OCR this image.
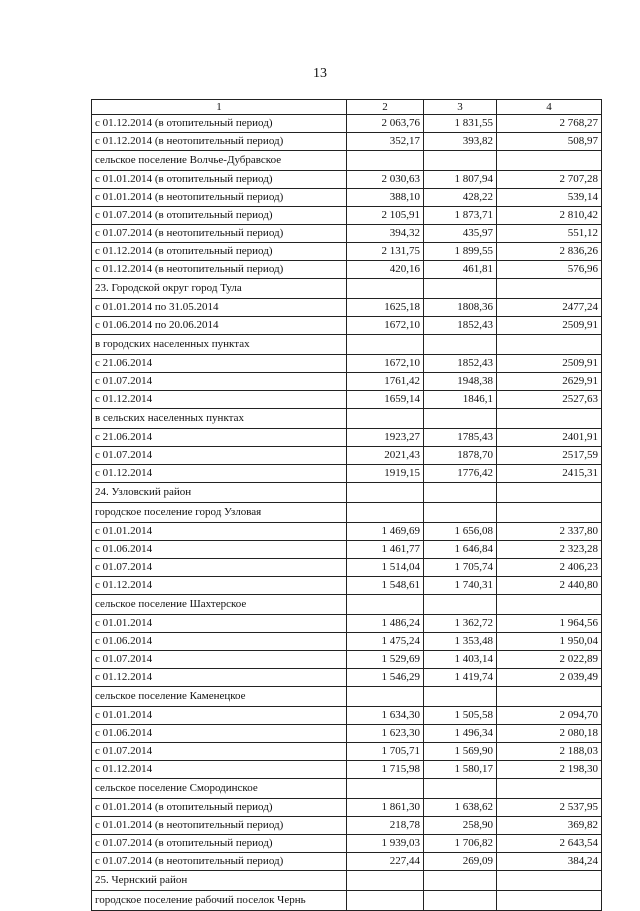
13
1	2	3	4
с 01.12.2014 (в отопительный период)	2 063,76	1 831,55	2 768,27
с 01.12.2014 (в неотопительный период)	352,17	393,82	508,97
сельское поселение Волчье-Дубравское			
с 01.01.2014 (в отопительный период)	2 030,63	1 807,94	2 707,28
с 01.01.2014 (в неотопительный период)	388,10	428,22	539,14
с 01.07.2014 (в отопительный период)	2 105,91	1 873,71	2 810,42
с 01.07.2014 (в неотопительный период)	394,32	435,97	551,12
с 01.12.2014 (в отопительный период)	2 131,75	1 899,55	2 836,26
с 01.12.2014 (в неотопительный период)	420,16	461,81	576,96
23. Городской округ город Тула			
с 01.01.2014 по 31.05.2014	1625,18	1808,36	2477,24
с 01.06.2014 по 20.06.2014	1672,10	1852,43	2509,91
в городских населенных пунктах			
с 21.06.2014	1672,10	1852,43	2509,91
с 01.07.2014	1761,42	1948,38	2629,91
с 01.12.2014	1659,14	1846,1	2527,63
в сельских населенных пунктах			
с 21.06.2014	1923,27	1785,43	2401,91
с 01.07.2014	2021,43	1878,70	2517,59
с 01.12.2014	1919,15	1776,42	2415,31
24. Узловский район			
городское поселение город Узловая			
с 01.01.2014	1 469,69	1 656,08	2 337,80
с 01.06.2014	1 461,77	1 646,84	2 323,28
с 01.07.2014	1 514,04	1 705,74	2 406,23
с 01.12.2014	1 548,61	1 740,31	2 440,80
сельское поселение Шахтерское			
с 01.01.2014	1 486,24	1 362,72	1 964,56
с 01.06.2014	1 475,24	1 353,48	1 950,04
с 01.07.2014	1 529,69	1 403,14	2 022,89
с 01.12.2014	1 546,29	1 419,74	2 039,49
сельское поселение Каменецкое			
с 01.01.2014	1 634,30	1 505,58	2 094,70
с 01.06.2014	1 623,30	1 496,34	2 080,18
с 01.07.2014	1 705,71	1 569,90	2 188,03
с 01.12.2014	1 715,98	1 580,17	2 198,30
сельское поселение Смородинское			
с 01.01.2014 (в отопительный период)	1 861,30	1 638,62	2 537,95
с 01.01.2014 (в неотопительный период)	218,78	258,90	369,82
с 01.07.2014 (в отопительный период)	1 939,03	1 706,82	2 643,54
с 01.07.2014 (в неотопительный период)	227,44	269,09	384,24
25. Чернский район			
городское поселение рабочий поселок Чернь			
